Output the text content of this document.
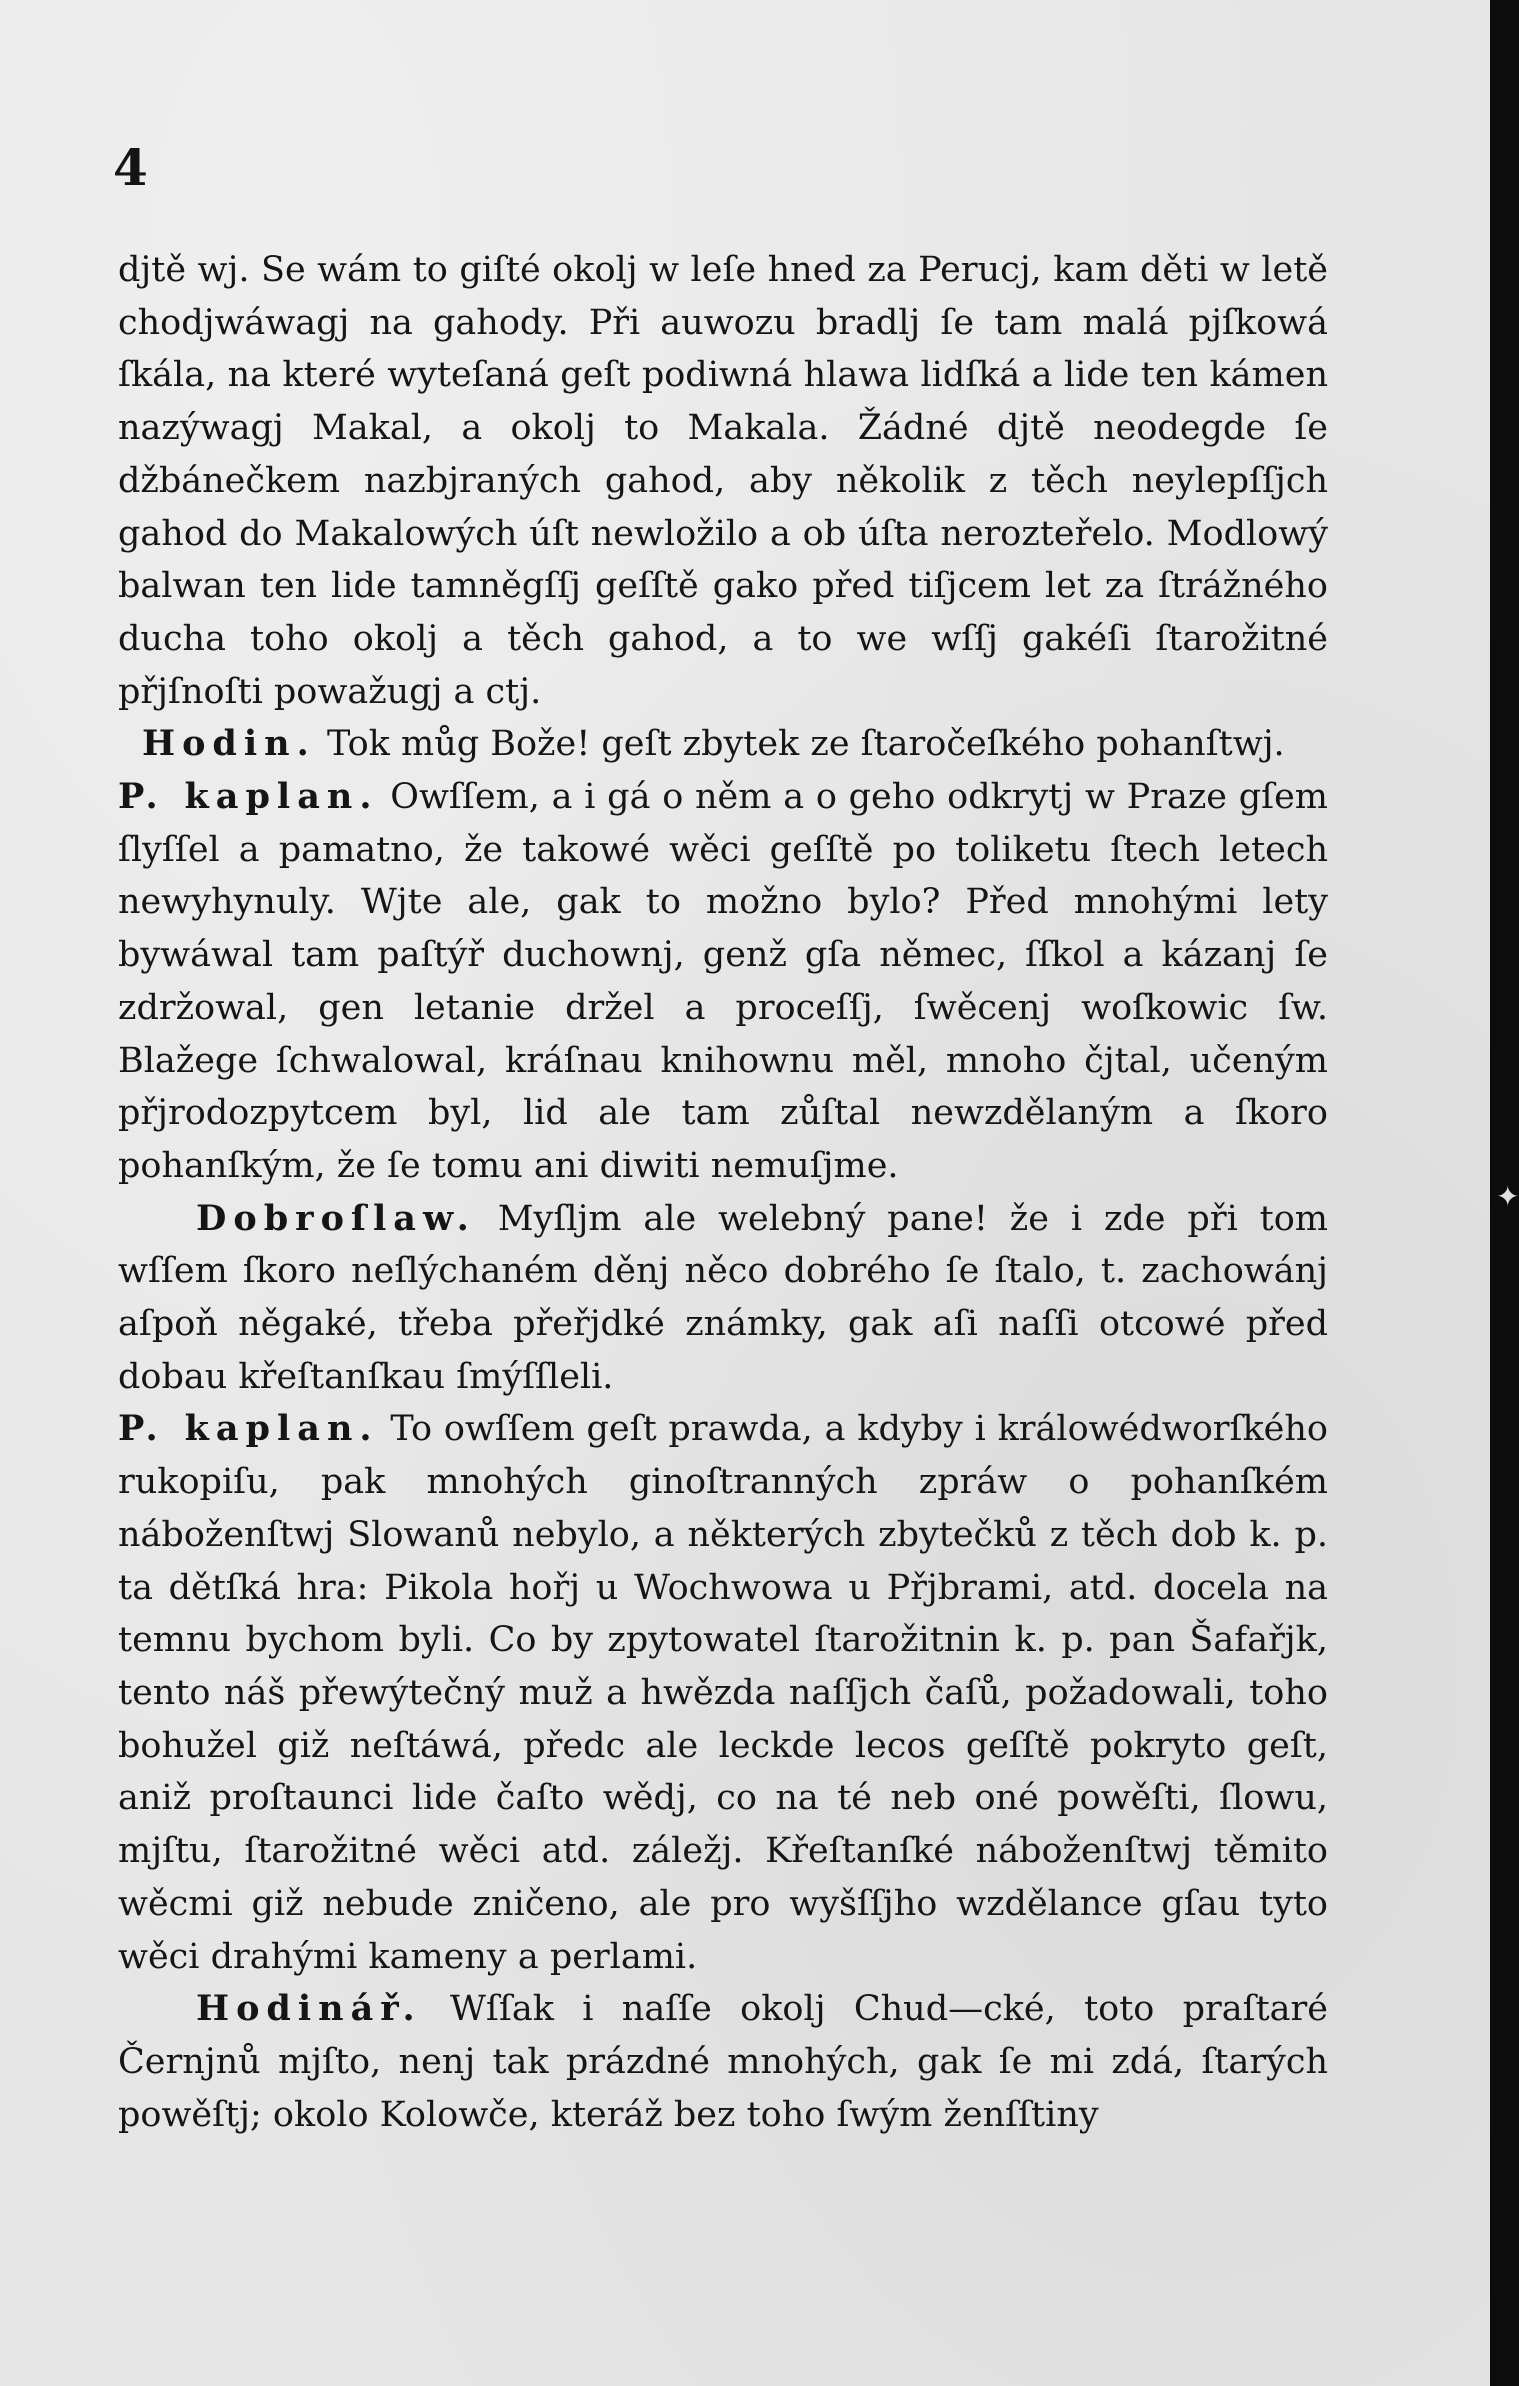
4

djtě wj. Se wám to giſté okolj w leſe hned za Perucj, kam děti w letě chodjwáwagj na gahody. Při auwozu bradlj ſe tam malá pjſkowá ſkála, na které wyteſaná geſt podiwná hlawa lidſká a lide ten kámen nazýwagj Makal, a okolj to Makala. Žádné djtě neodegde ſe džbánečkem nazbjraných gahod, aby několik z těch neylepſſjch gahod do Makalowých úſt newložilo a ob úſta nerozteřelo. Modlowý balwan ten lide tamněgſſj geſſtě gako před tiſjcem let za ſtrážného ducha toho okolj a těch gahod, a to we wſſj gakéſi ſtarožitné přjſnoſti powažugj a ctj.

Hodin. Tok můg Bože! geſt zbytek ze ſtaročeſkého pohanſtwj.

P. kaplan. Owſſem, a i gá o něm a o geho odkrytj w Praze gſem ſlyſſel a pamatno, že takowé wěci geſſtě po toliketu ſtech letech newyhynuly. Wjte ale, gak to možno bylo? Před mnohými lety bywáwal tam paſtýř duchownj, genž gſa němec, ſſkol a kázanj ſe zdržowal, gen letanie držel a proceſſj, ſwěcenj woſkowic ſw. Blažege ſchwalowal, kráſnau knihownu měl, mnoho čjtal, učeným přjrodozpytcem byl, lid ale tam zůſtal newzdělaným a ſkoro pohanſkým, že ſe tomu ani diwiti nemuſjme.

Dobroſlaw. Myſljm ale welebný pane! že i zde při tom wſſem ſkoro neſlýchaném děnj něco dobrého ſe ſtalo, t. zachowánj aſpoň něgaké, třeba přeřjdké známky, gak aſi naſſi otcowé před dobau křeſtanſkau ſmýſſleli.

P. kaplan. To owſſem geſt prawda, a kdyby i králowédworſkého rukopiſu, pak mnohých ginoſtranných zpráw o pohanſkém náboženſtwj Slowanů nebylo, a některých zbytečků z těch dob k. p. ta dětſká hra: Pikola hořj u Wochwowa u Přjbrami, atd. docela na temnu bychom byli. Co by zpytowatel ſtarožitnin k. p. pan Šafařjk, tento náš přewýtečný muž a hwězda naſſjch čaſů, požadowali, toho bohužel giž neſtáwá, předc ale leckde lecos geſſtě pokryto geſt, aniž proſtaunci lide čaſto wědj, co na té neb oné powěſti, ſlowu, mjſtu, ſtarožitné wěci atd. záležj. Křeſtanſké náboženſtwj těmito wěcmi giž nebude zničeno, ale pro wyšſſjho wzdělance gſau tyto wěci drahými kameny a perlami.

Hodinář. Wſſak i naſſe okolj Chud—cké, toto praſtaré Černjnů mjſto, nenj tak prázdné mnohých, gak ſe mi zdá, ſtarých powěſtj; okolo Kolowče, kteráž bez toho ſwým ženſſtiny

✦
